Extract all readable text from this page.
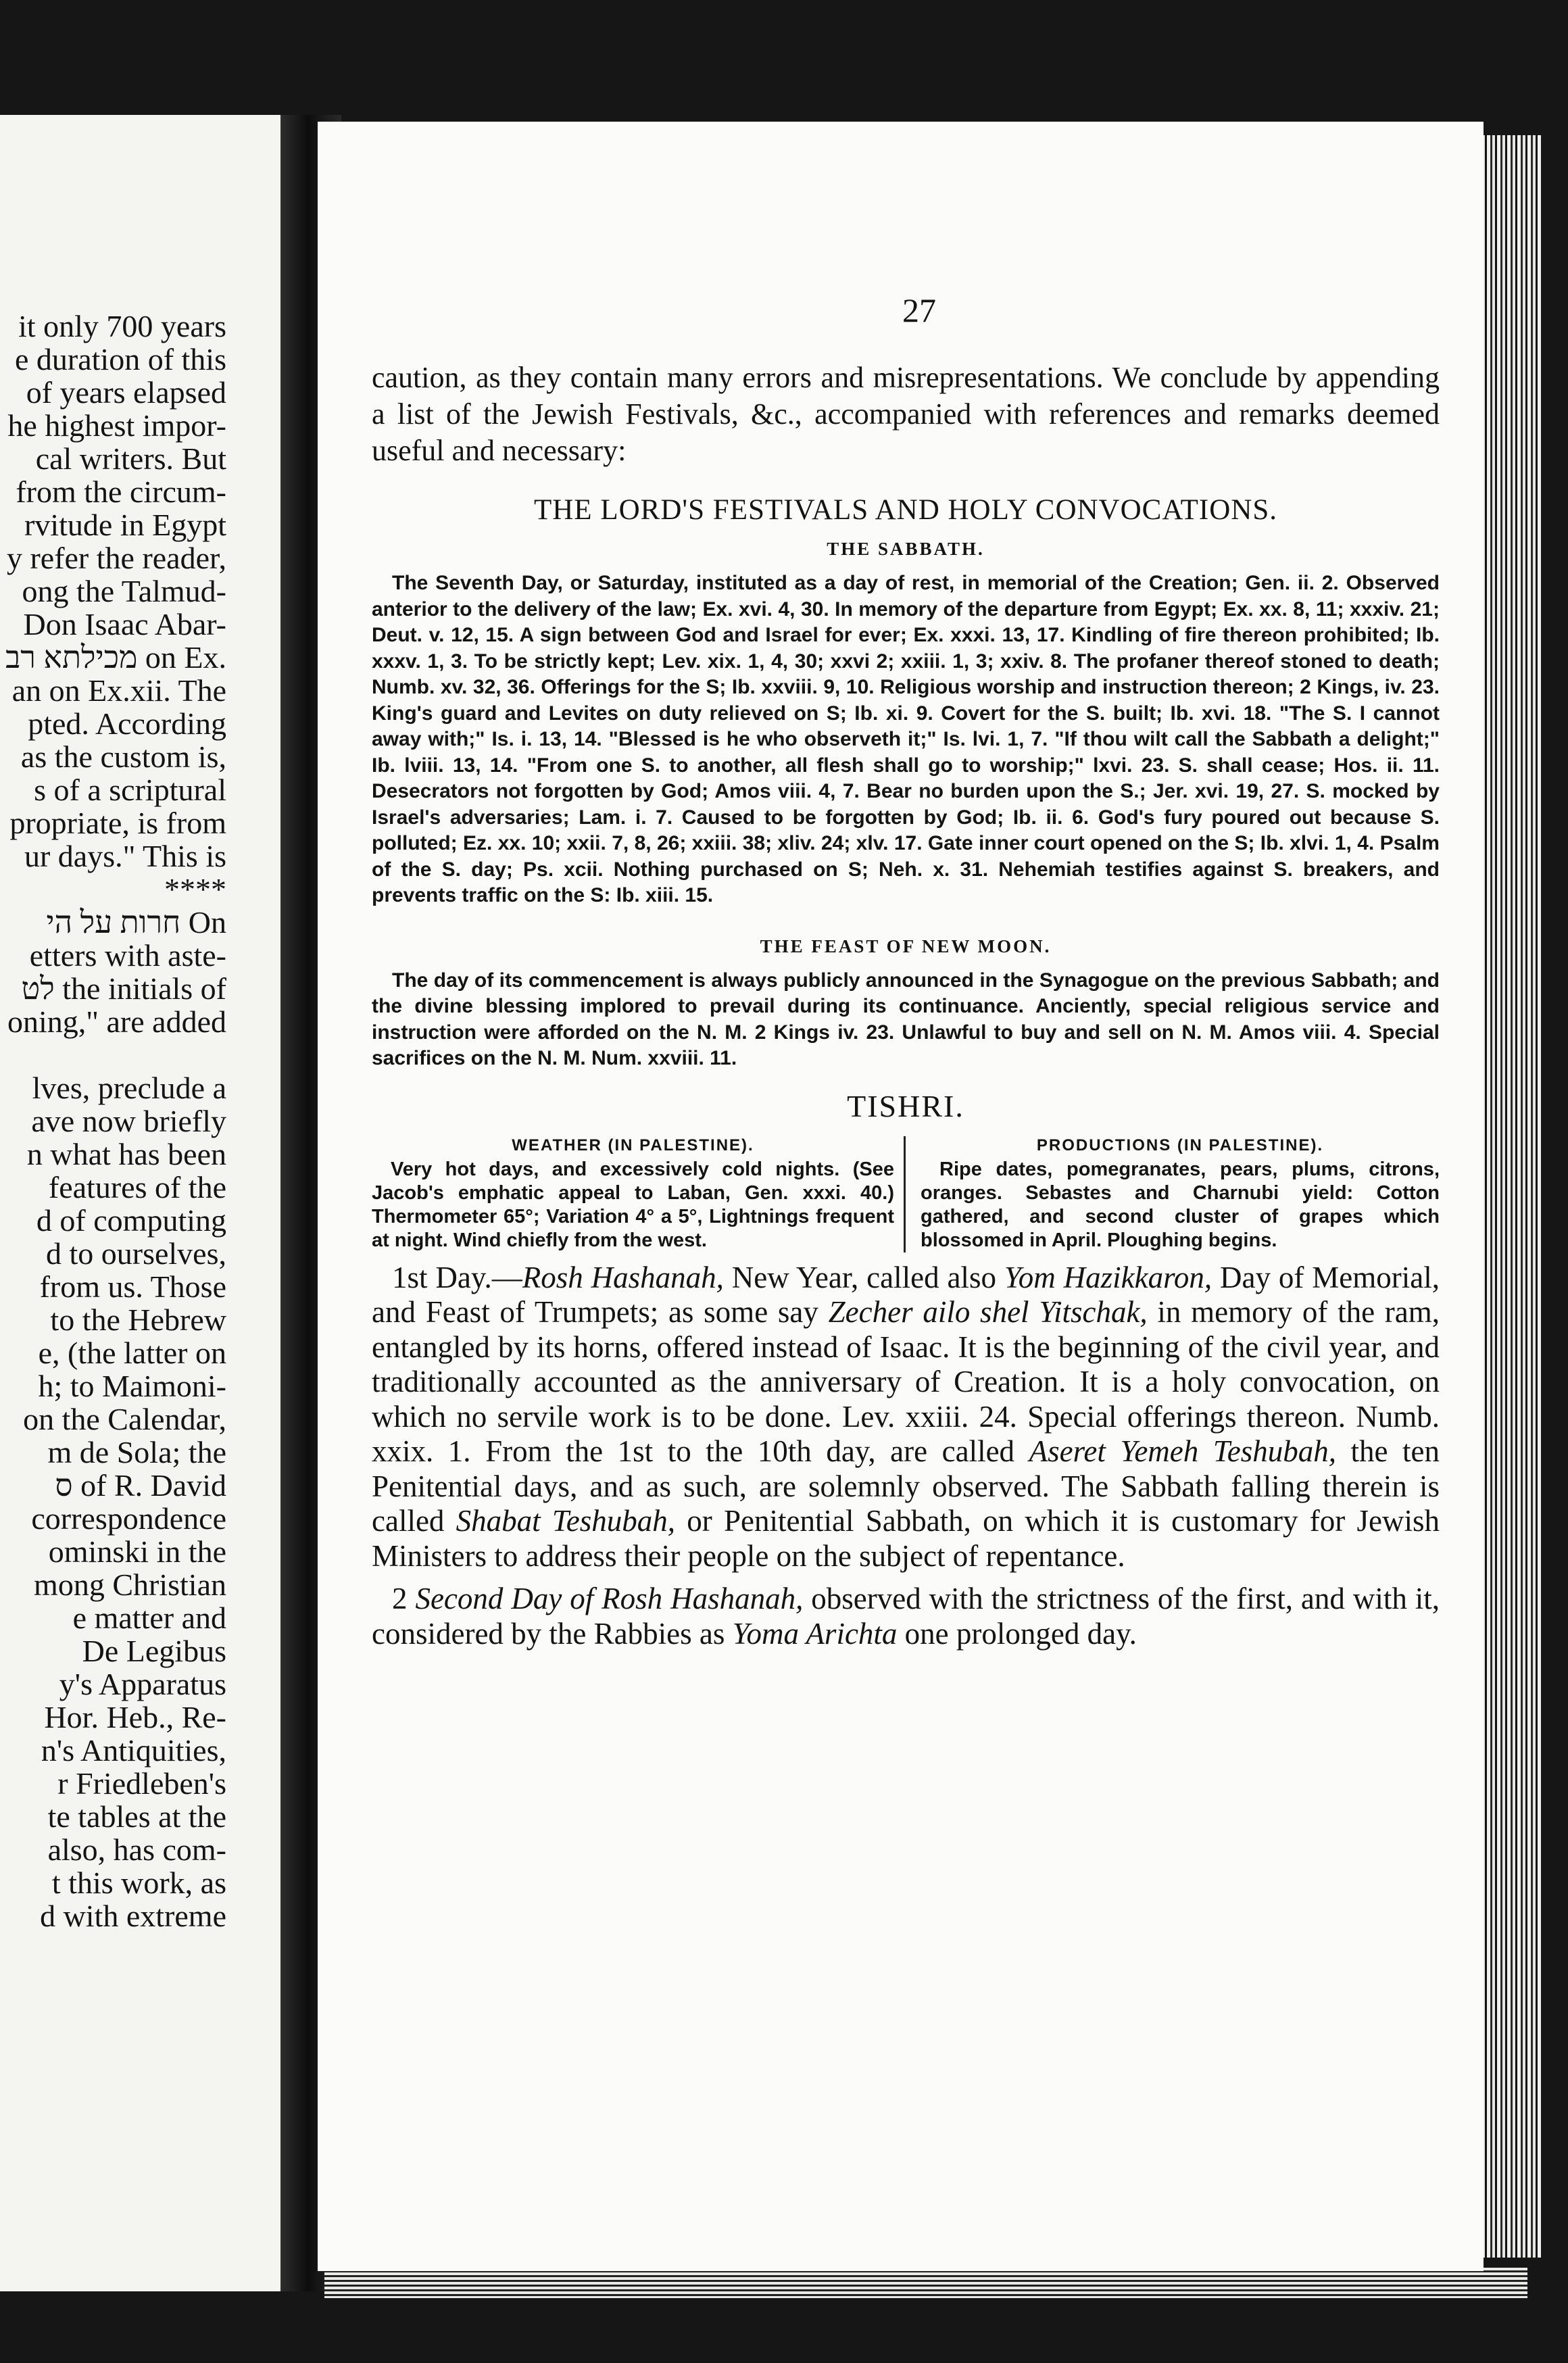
it only 700 years
e duration of this
of years elapsed
he highest impor-
cal writers. But
from the circum-
rvitude in Egypt
y refer the reader,
ong the Talmud-
Don Isaac Abar-
מכילתא רב on Ex.
an on Ex.xii. The
pted. According
as the custom is,
s of a scriptural
propriate, is from
ur days." This is
****
חרות על הי On
etters with aste-
לט the initials of
oning," are added
lves, preclude a
ave now briefly
n what has been
features of the
d of computing
d to ourselves,
from us. Those
to the Hebrew
e, (the latter on
h; to Maimoni-
on the Calendar,
m de Sola; the
ס of R. David
correspondence
ominski in the
mong Christian
e matter and
De Legibus
y's Apparatus
Hor. Heb., Re-
n's Antiquities,
r Friedleben's
te tables at the
also, has com-
t this work, as
d with extreme
27

caution, as they contain many errors and misrepresentations. We conclude by appending a list of the Jewish Festivals, &c., accompanied with references and remarks deemed useful and necessary:

THE LORD'S FESTIVALS AND HOLY CONVOCATIONS.
THE SABBATH.

The Seventh Day, or Saturday, instituted as a day of rest, in memorial of the Creation; Gen. ii. 2. Observed anterior to the delivery of the law; Ex. xvi. 4, 30. In memory of the departure from Egypt; Ex. xx. 8, 11; xxxiv. 21; Deut. v. 12, 15. A sign between God and Israel for ever; Ex. xxxi. 13, 17. Kindling of fire thereon prohibited; Ib. xxxv. 1, 3. To be strictly kept; Lev. xix. 1, 4, 30; xxvi 2; xxiii. 1, 3; xxiv. 8. The profaner thereof stoned to death; Numb. xv. 32, 36. Offerings for the S; Ib. xxviii. 9, 10. Religious worship and instruction thereon; 2 Kings, iv. 23. King's guard and Levites on duty relieved on S; Ib. xi. 9. Covert for the S. built; Ib. xvi. 18. "The S. I cannot away with;" Is. i. 13, 14. "Blessed is he who observeth it;" Is. lvi. 1, 7. "If thou wilt call the Sabbath a delight;" Ib. lviii. 13, 14. "From one S. to another, all flesh shall go to worship;" lxvi. 23. S. shall cease; Hos. ii. 11. Desecrators not forgotten by God; Amos viii. 4, 7. Bear no burden upon the S.; Jer. xvi. 19, 27. S. mocked by Israel's adversaries; Lam. i. 7. Caused to be forgotten by God; Ib. ii. 6. God's fury poured out because S. polluted; Ez. xx. 10; xxii. 7, 8, 26; xxiii. 38; xliv. 24; xlv. 17. Gate inner court opened on the S; Ib. xlvi. 1, 4. Psalm of the S. day; Ps. xcii. Nothing purchased on S; Neh. x. 31. Nehemiah testifies against S. breakers, and prevents traffic on the S: Ib. xiii. 15.

THE FEAST OF NEW MOON.

The day of its commencement is always publicly announced in the Synagogue on the previous Sabbath; and the divine blessing implored to prevail during its continuance. Anciently, special religious service and instruction were afforded on the N. M. 2 Kings iv. 23. Unlawful to buy and sell on N. M. Amos viii. 4. Special sacrifices on the N. M. Num. xxviii. 11.

TISHRI.
WEATHER (IN PALESTINE).
Very hot days, and excessively cold nights. (See Jacob's emphatic appeal to Laban, Gen. xxxi. 40.) Thermometer 65°; Variation 4° a 5°, Lightnings frequent at night. Wind chiefly from the west.
PRODUCTIONS (IN PALESTINE).
Ripe dates, pomegranates, pears, plums, citrons, oranges. Sebastes and Charnubi yield: Cotton gathered, and second cluster of grapes which blossomed in April. Ploughing begins.

1st Day.—Rosh Hashanah, New Year, called also Yom Hazikkaron, Day of Memorial, and Feast of Trumpets; as some say Zecher ailo shel Yitschak, in memory of the ram, entangled by its horns, offered instead of Isaac. It is the beginning of the civil year, and traditionally accounted as the anniversary of Creation. It is a holy convocation, on which no servile work is to be done. Lev. xxiii. 24. Special offerings thereon. Numb. xxix. 1. From the 1st to the 10th day, are called Aseret Yemeh Teshubah, the ten Penitential days, and as such, are solemnly observed. The Sabbath falling therein is called Shabat Teshubah, or Penitential Sabbath, on which it is customary for Jewish Ministers to address their people on the subject of repentance.

2 Second Day of Rosh Hashanah, observed with the strictness of the first, and with it, considered by the Rabbies as Yoma Arichta one prolonged day.
